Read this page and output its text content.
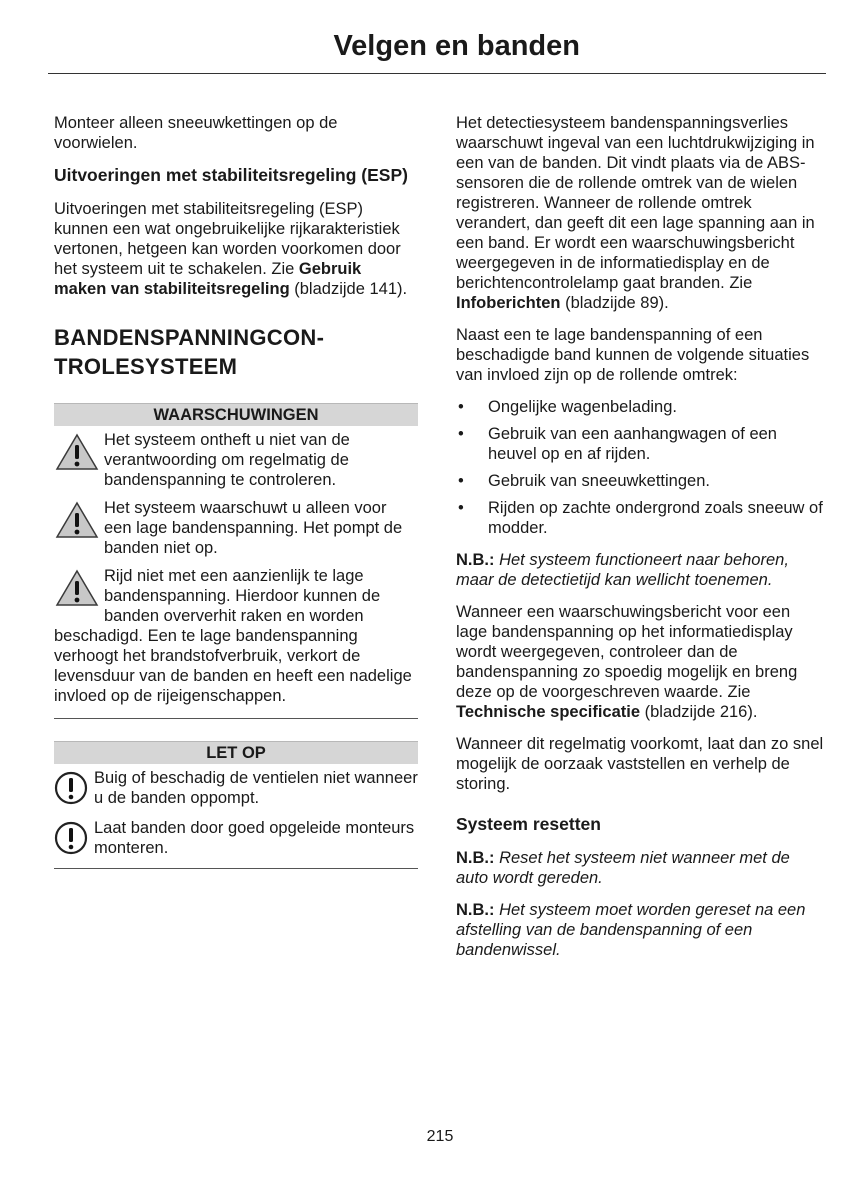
Velgen en banden

Monteer alleen sneeuwkettingen op de voorwielen.

Uitvoeringen met stabiliteitsregeling (ESP)

Uitvoeringen met stabiliteitsregeling (ESP) kunnen een wat ongebruikelijke rijkarakteristiek vertonen, hetgeen kan worden voorkomen door het systeem uit te schakelen. Zie Gebruik maken van stabiliteitsregeling (bladzijde 141).

BANDENSPANNINGCON-
TROLESYSTEEM
WAARSCHUWINGEN
Het systeem ontheft u niet van de verantwoording om regelmatig de bandenspanning te controleren.
Het systeem waarschuwt u alleen voor een lage bandenspanning. Het pompt de banden niet op.
Rijd niet met een aanzienlijk te lage bandenspanning. Hierdoor kunnen de banden oververhit raken en worden beschadigd. Een te lage bandenspanning verhoogt het brandstofverbruik, verkort de levensduur van de banden en heeft een nadelige invloed op de rijeigenschappen.
LET OP
Buig of beschadig de ventielen niet wanneer u de banden oppompt.
Laat banden door goed opgeleide monteurs monteren.

Het detectiesysteem bandenspanningsverlies waarschuwt ingeval van een luchtdrukwijziging in een van de banden. Dit vindt plaats via de ABS-sensoren die de rollende omtrek van de wielen registreren. Wanneer de rollende omtrek verandert, dan geeft dit een lage spanning aan in een band. Er wordt een waarschuwingsbericht weergegeven in de informatiedisplay en de berichtencontrolelamp gaat branden. Zie Infoberichten (bladzijde 89).

Naast een te lage bandenspanning of een beschadigde band kunnen de volgende situaties van invloed zijn op de rollende omtrek:

• Ongelijke wagenbelading.
• Gebruik van een aanhangwagen of een heuvel op en af rijden.
• Gebruik van sneeuwkettingen.
• Rijden op zachte ondergrond zoals sneeuw of modder.

N.B.: Het systeem functioneert naar behoren, maar de detectietijd kan wellicht toenemen.

Wanneer een waarschuwingsbericht voor een lage bandenspanning op het informatiedisplay wordt weergegeven, controleer dan de bandenspanning zo spoedig mogelijk en breng deze op de voorgeschreven waarde. Zie Technische specificatie (bladzijde 216).

Wanneer dit regelmatig voorkomt, laat dan zo snel mogelijk de oorzaak vaststellen en verhelp de storing.

Systeem resetten

N.B.: Reset het systeem niet wanneer met de auto wordt gereden.

N.B.: Het systeem moet worden gereset na een afstelling van de bandenspanning of een bandenwissel.

215
